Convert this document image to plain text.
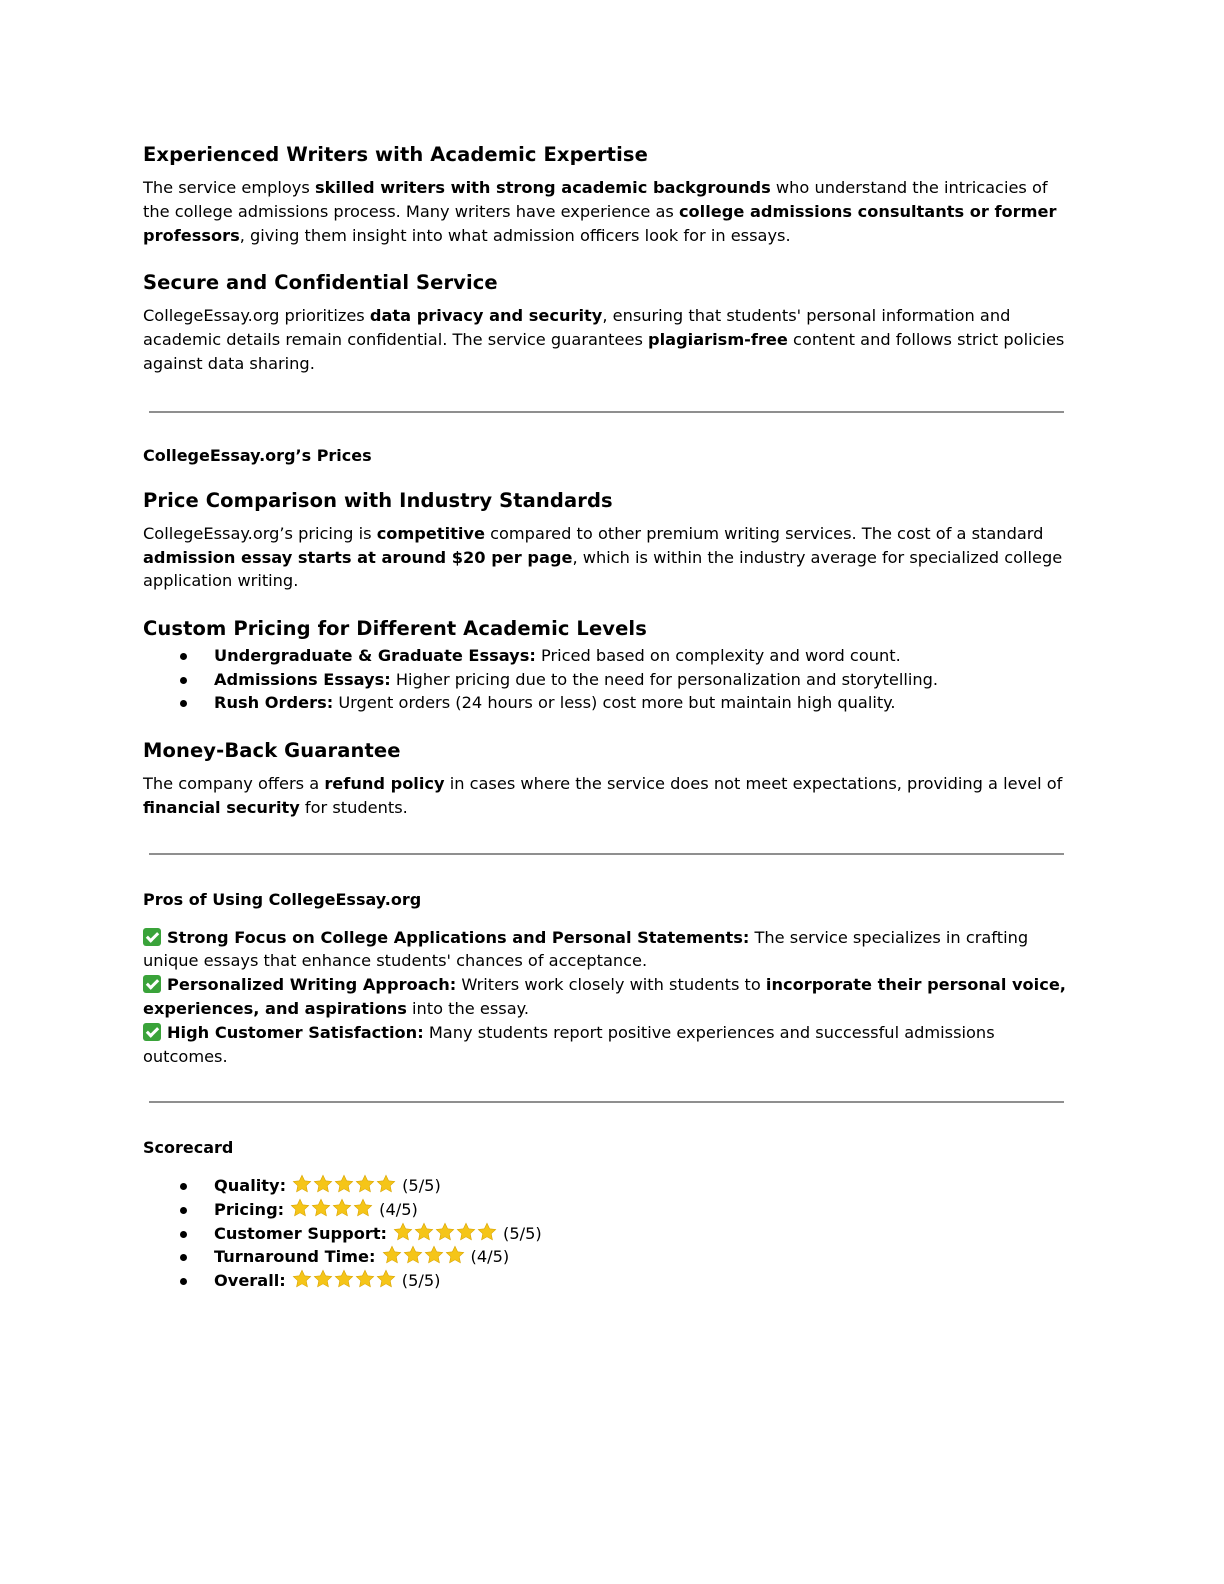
Experienced Writers with Academic Expertise

The service employs skilled writers with strong academic backgrounds who understand the intricacies of the college admissions process. Many writers have experience as college admissions consultants or former professors, giving them insight into what admission officers look for in essays.

Secure and Confidential Service

CollegeEssay.org prioritizes data privacy and security, ensuring that students' personal information and academic details remain confidential. The service guarantees plagiarism-free content and follows strict policies against data sharing.

CollegeEssay.org’s Prices
Price Comparison with Industry Standards

CollegeEssay.org’s pricing is competitive compared to other premium writing services. The cost of a standard admission essay starts at around $20 per page, which is within the industry average for specialized college application writing.

Custom Pricing for Different Academic Levels
Undergraduate & Graduate Essays: Priced based on complexity and word count.
Admissions Essays: Higher pricing due to the need for personalization and storytelling.
Rush Orders: Urgent orders (24 hours or less) cost more but maintain high quality.
Money-Back Guarantee

The company offers a refund policy in cases where the service does not meet expectations, providing a level of financial security for students.

Pros of Using CollegeEssay.org

Strong Focus on College Applications and Personal Statements: The service specializes in crafting unique essays that enhance students' chances of acceptance.

Personalized Writing Approach: Writers work closely with students to incorporate their personal voice, experiences, and aspirations into the essay.

High Customer Satisfaction: Many students report positive experiences and successful admissions outcomes.

Scorecard
Quality:	(5/5)
Pricing:	(4/5)
Customer Support:	(5/5)
Turnaround Time:	(4/5)
Overall:	(5/5)
